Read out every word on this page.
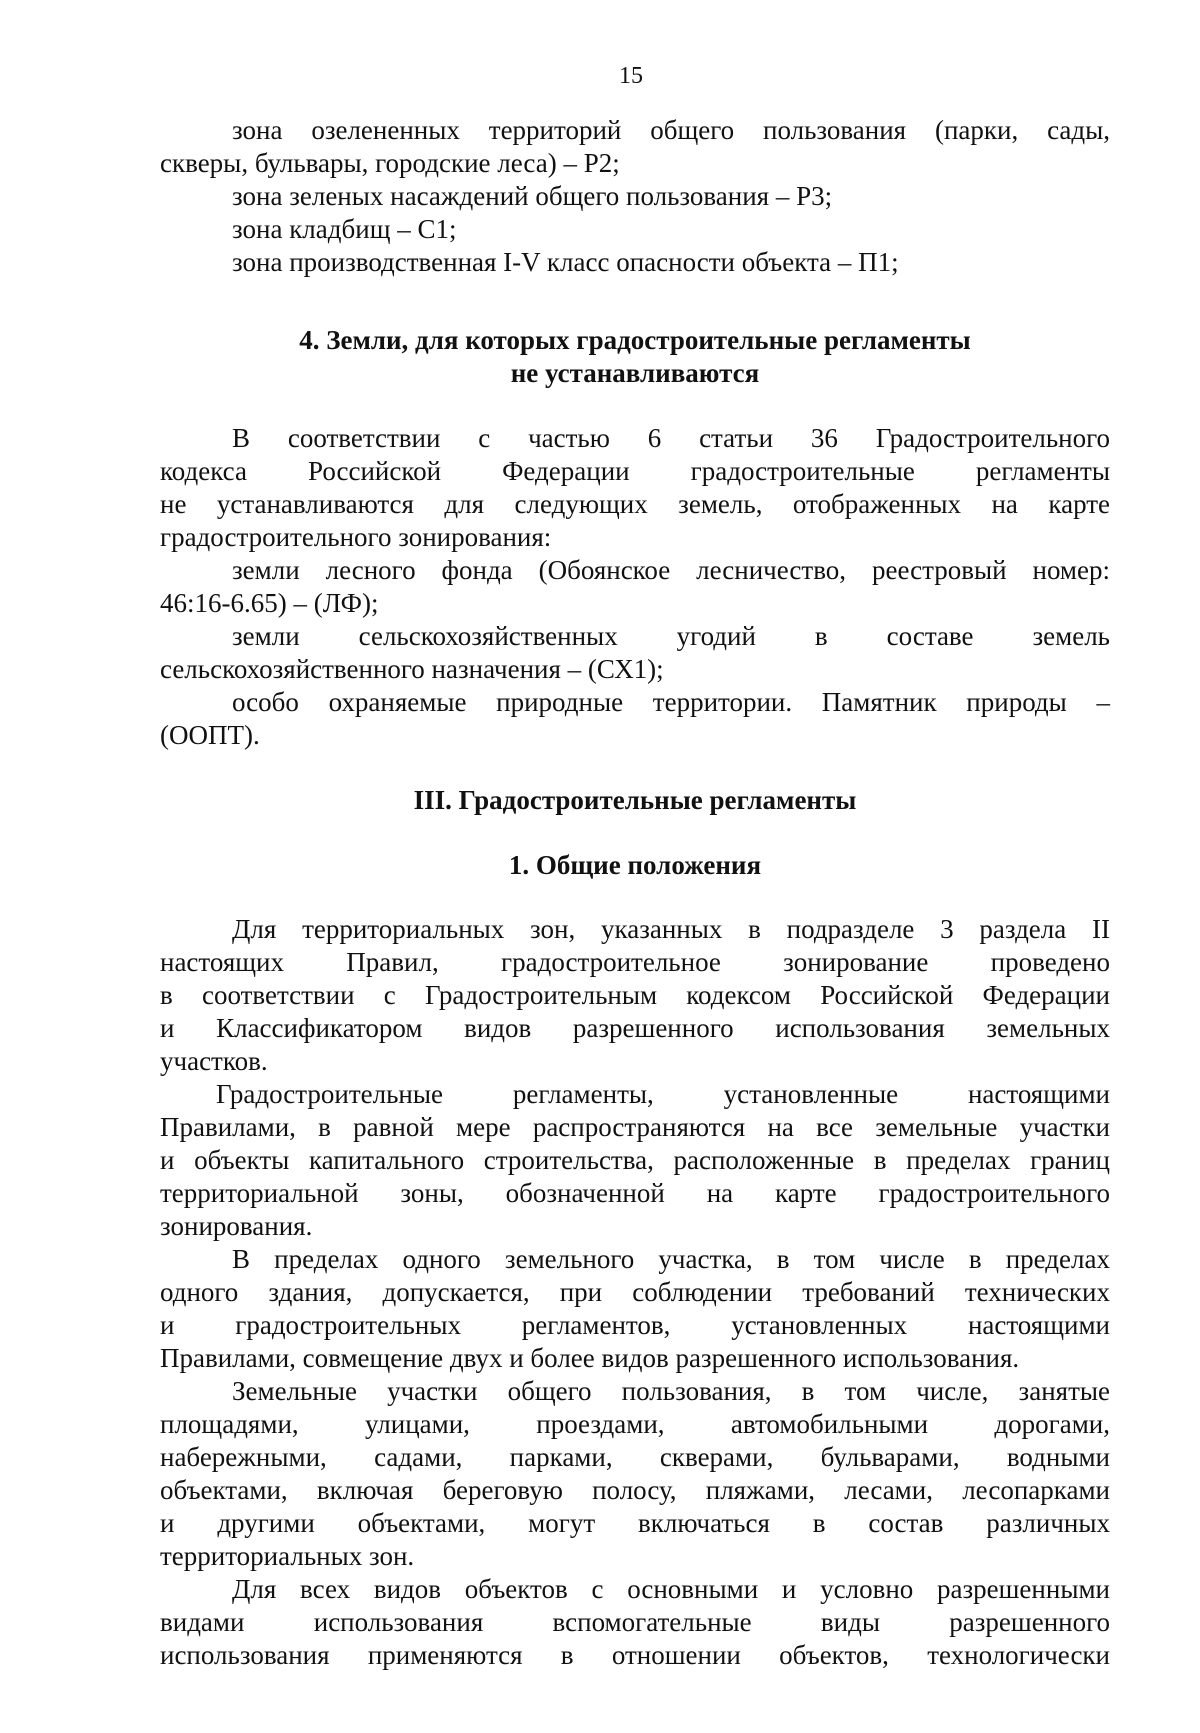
15
зона озелененных территорий общего пользования (парки, сады,
скверы, бульвары, городские леса) – Р2;
зона зеленых насаждений общего пользования – Р3;
зона кладбищ – С1;
зона производственная I-V класс опасности объекта – П1;
4. Земли, для которых градостроительные регламенты
не устанавливаются
В соответствии с частью 6 статьи 36 Градостроительного
кодекса Российской Федерации градостроительные регламенты
не устанавливаются для следующих земель, отображенных на карте
градостроительного зонирования:
земли лесного фонда (Обоянское лесничество, реестровый номер:
46:16-6.65) – (ЛФ);
земли сельскохозяйственных угодий в составе земель
сельскохозяйственного назначения – (СХ1);
особо охраняемые природные территории. Памятник природы –
(ООПТ).
III. Градостроительные регламенты
1. Общие положения
Для территориальных зон, указанных в подразделе 3 раздела II
настоящих Правил, градостроительное зонирование проведено
в соответствии с Градостроительным кодексом Российской Федерации
и Классификатором видов разрешенного использования земельных
участков.
Градостроительные регламенты, установленные настоящими
Правилами, в равной мере распространяются на все земельные участки
и объекты капитального строительства, расположенные в пределах границ
территориальной зоны, обозначенной на карте градостроительного
зонирования.
В пределах одного земельного участка, в том числе в пределах
одного здания, допускается, при соблюдении требований технических
и градостроительных регламентов, установленных настоящими
Правилами, совмещение двух и более видов разрешенного использования.
Земельные участки общего пользования, в том числе, занятые
площадями, улицами, проездами, автомобильными дорогами,
набережными, садами, парками, скверами, бульварами, водными
объектами, включая береговую полосу, пляжами, лесами, лесопарками
и другими объектами, могут включаться в состав различных
территориальных зон.
Для всех видов объектов с основными и условно разрешенными
видами использования вспомогательные виды разрешенного
использования применяются в отношении объектов, технологически
